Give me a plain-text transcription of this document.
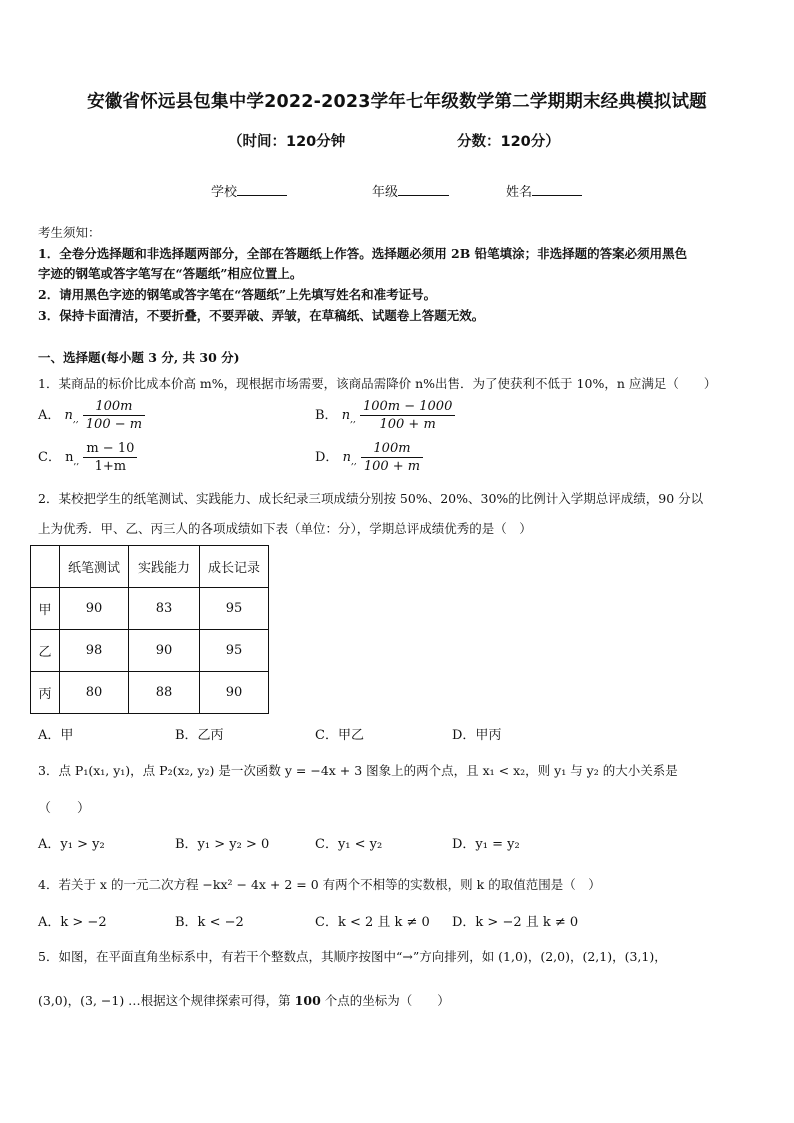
安徽省怀远县包集中学2022-2023学年七年级数学第二学期期末经典模拟试题
（时间：120分钟	分数：120分）
学校	年级	姓名
考生须知：
1．全卷分选择题和非选择题两部分，全部在答题纸上作答。选择题必须用 2B 铅笔填涂；非选择题的答案必须用黑色
字迹的钢笔或答字笔写在“答题纸”相应位置上。
2．请用黑色字迹的钢笔或答字笔在“答题纸”上先填写姓名和准考证号。
3．保持卡面清洁，不要折叠，不要弄破、弄皱，在草稿纸、试题卷上答题无效。
一、选择题(每小题 3 分, 共 30 分)
1．某商品的标价比成本价高 m%，现根据市场需要，该商品需降价 n%出售．为了使获利不低于 10%，n 应满足（　　）
A． $n_{,,} \frac{100m}{100 - m}$	B． $n_{,,} \frac{100m - 1000}{100 + m}$
C． $n_{,,} \frac{m - 10}{1+m}$	D． $n_{,,} \frac{100m}{100 + m}$
2．某校把学生的纸笔测试、实践能力、成长纪录三项成绩分别按 50%、20%、30%的比例计入学期总评成绩，90 分以
上为优秀．甲、乙、丙三人的各项成绩如下表（单位：分），学期总评成绩优秀的是（　）
	纸笔测试	实践能力	成长记录
甲	90	83	95
乙	98	90	95
丙	80	88	90
A．甲	B．乙丙	C．甲乙	D．甲丙
3．点 P₁(x₁, y₁)，点 P₂(x₂, y₂) 是一次函数 y = −4x + 3 图象上的两个点，且 x₁ < x₂，则 y₁ 与 y₂ 的大小关系是
（　　）
A．y₁ > y₂	B．y₁ > y₂ > 0	C．y₁ < y₂	D．y₁ = y₂
4．若关于 x 的一元二次方程 −kx² − 4x + 2 = 0 有两个不相等的实数根，则 k 的取值范围是（　）
A．k > −2	B．k < −2	C．k < 2 且 k ≠ 0 D．k > −2 且 k ≠ 0
5．如图，在平面直角坐标系中，有若干个整数点，其顺序按图中“→”方向排列，如 (1,0)，(2,0)，(2,1)，(3,1)，
(3,0)，(3, −1) …根据这个规律探索可得，第 100 个点的坐标为（　　）
